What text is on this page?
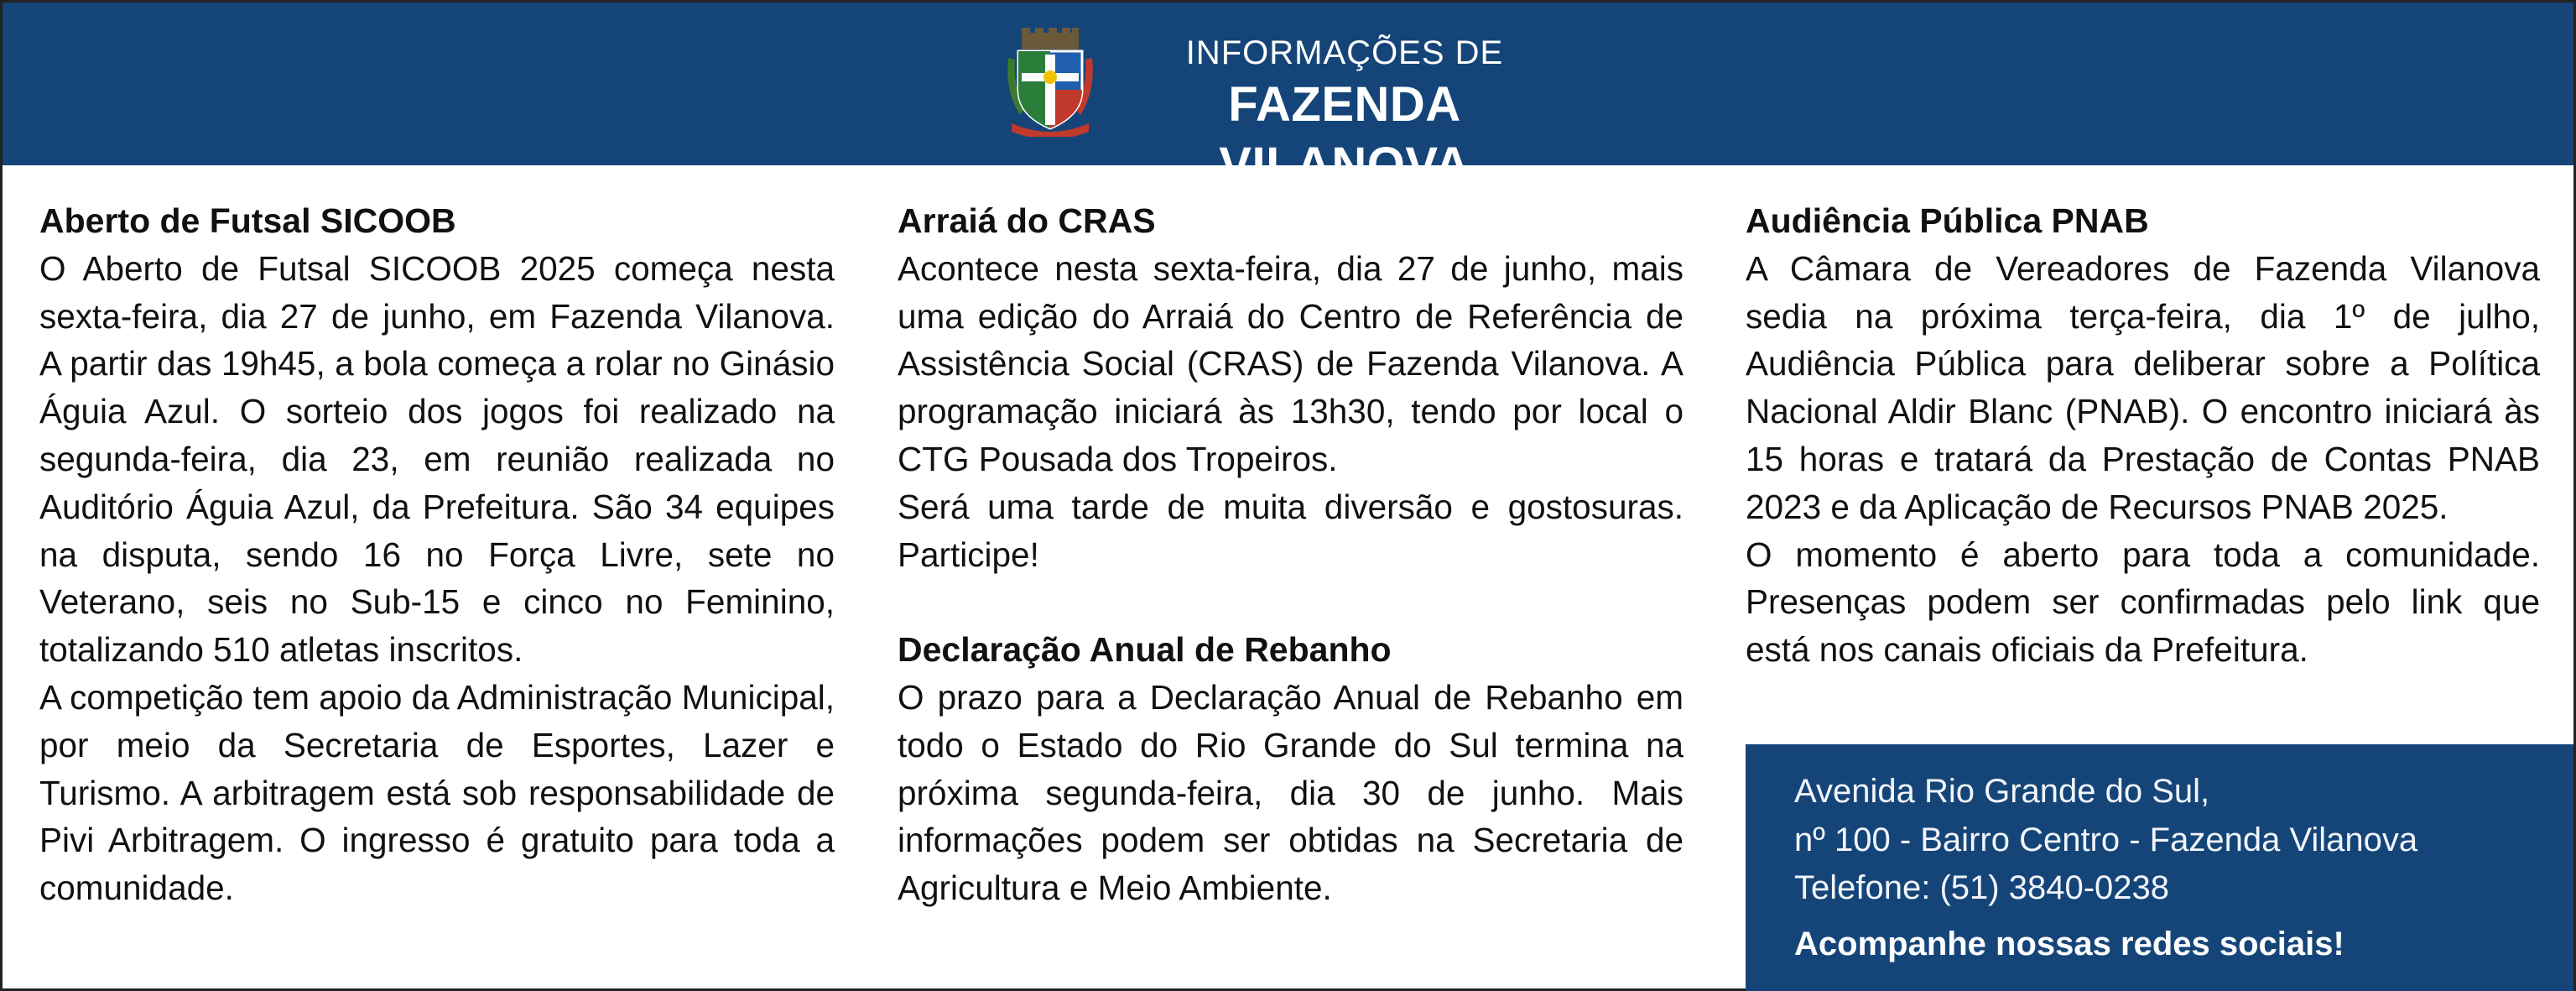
INFORMAÇÕES DE
FAZENDA VILANOVA
Aberto de Futsal SICOOB

O Aberto de Futsal SICOOB 2025 começa nesta sexta-feira, dia 27 de junho, em Fazenda Vilanova. A partir das 19h45, a bola começa a rolar no Ginásio Águia Azul. O sorteio dos jogos foi realizado na segunda-feira, dia 23, em reunião realizada no Auditório Águia Azul, da Prefeitura. São 34 equipes na disputa, sendo 16 no Força Livre, sete no Veterano, seis no Sub-15 e cinco no Feminino, totalizando 510 atletas inscritos.

A competição tem apoio da Administração Municipal, por meio da Secretaria de Esportes, Lazer e Turismo. A arbitragem está sob responsabilidade de Pivi Arbitragem. O ingresso é gratuito para toda a comunidade.

Arraiá do CRAS

Acontece nesta sexta-feira, dia 27 de junho, mais uma edição do Arraiá do Centro de Referência de Assistência Social (CRAS) de Fazenda Vilanova. A programação iniciará às 13h30, tendo por local o CTG Pousada dos Tropeiros.

Será uma tarde de muita diversão e gostosuras. Participe!

Declaração Anual de Rebanho

O prazo para a Declaração Anual de Rebanho em todo o Estado do Rio Grande do Sul termina na próxima segunda-feira, dia 30 de junho. Mais informações podem ser obtidas na Secretaria de Agricultura e Meio Ambiente.

Audiência Pública PNAB

A Câmara de Vereadores de Fazenda Vilanova sedia na próxima terça-feira, dia 1º de julho, Audiência Pública para deliberar sobre a Política Nacional Aldir Blanc (PNAB). O encontro iniciará às 15 horas e tratará da Prestação de Contas PNAB 2023 e da Aplicação de Recursos PNAB 2025.

O momento é aberto para toda a comunidade. Presenças podem ser confirmadas pelo link que está nos canais oficiais da Prefeitura.

Avenida Rio Grande do Sul,
nº 100 - Bairro Centro - Fazenda Vilanova
Telefone: (51) 3840-0238
Acompanhe nossas redes sociais!
